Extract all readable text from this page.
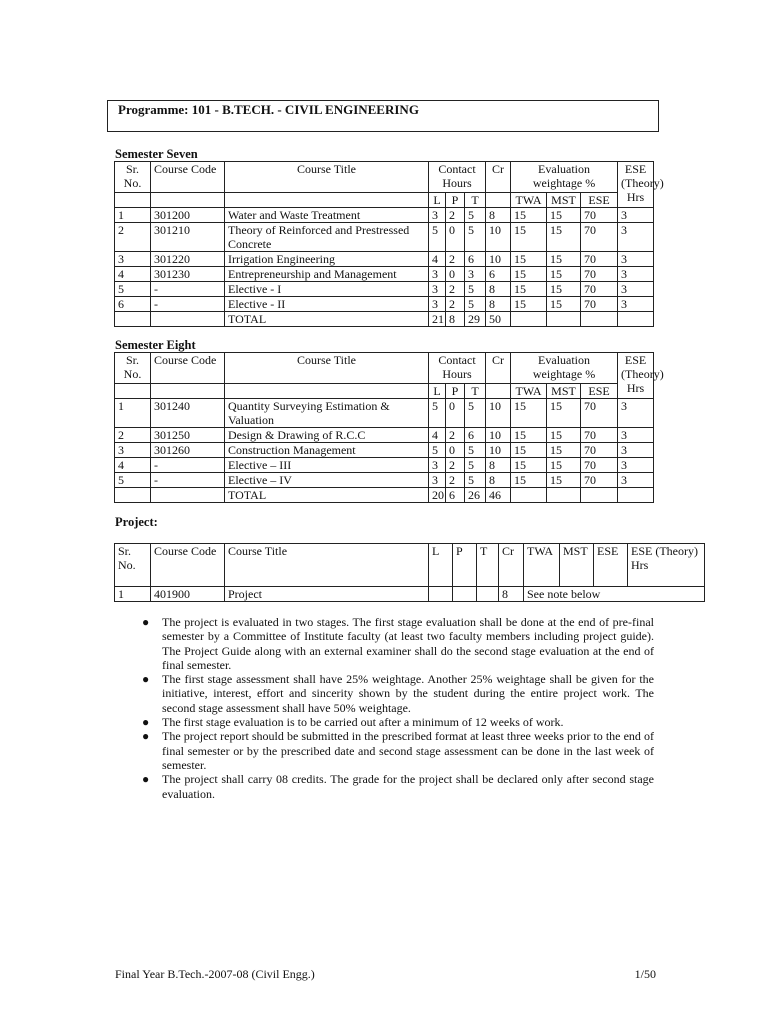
Programme: 101 - B.TECH. - CIVIL ENGINEERING
Semester Seven
Sr. No.	Course Code	Course Title	Contact Hours			Cr	Evaluation weightage %			ESE (Theory) Hrs
			L	P	T		TWA	MST	ESE	
1	301200	Water and Waste Treatment	3	2	5	8	15	15	70	3
2	301210	Theory of Reinforced and Prestressed Concrete	5	0	5	10	15	15	70	3
3	301220	Irrigation Engineering	4	2	6	10	15	15	70	3
4	301230	Entrepreneurship and Management	3	0	3	6	15	15	70	3
5	-	Elective - I	3	2	5	8	15	15	70	3
6	-	Elective - II	3	2	5	8	15	15	70	3
		TOTAL	21	8	29	50				
Semester Eight
Sr. No.	Course Code	Course Title	Contact Hours			Cr	Evaluation weightage %			ESE (Theory) Hrs
			L	P	T		TWA	MST	ESE	
1	301240	Quantity Surveying Estimation & Valuation	5	0	5	10	15	15	70	3
2	301250	Design & Drawing of R.C.C	4	2	6	10	15	15	70	3
3	301260	Construction Management	5	0	5	10	15	15	70	3
4	-	Elective – III	3	2	5	8	15	15	70	3
5	-	Elective – IV	3	2	5	8	15	15	70	3
		TOTAL	20	6	26	46				
Project:
Sr. No.	Course Code	Course Title	L	P	T	Cr	TWA	MST	ESE	ESE (Theory) Hrs
1	401900	Project				8	See note below			
● The project is evaluated in two stages. The first stage evaluation shall be done at the end of pre-final semester by a Committee of Institute faculty (at least two faculty members including project guide). The Project Guide along with an external examiner shall do the second stage evaluation at the end of final semester.
● The first stage assessment shall have 25% weightage. Another 25% weightage shall be given for the initiative, interest, effort and sincerity shown by the student during the entire project work. The second stage assessment shall have 50% weightage.
● The first stage evaluation is to be carried out after a minimum of 12 weeks of work.
● The project report should be submitted in the prescribed format at least three weeks prior to the end of final semester or by the prescribed date and second stage assessment can be done in the last week of semester.
● The project shall carry 08 credits. The grade for the project shall be declared only after second stage evaluation.
Final Year B.Tech.-2007-08 (Civil Engg.)	1/50
